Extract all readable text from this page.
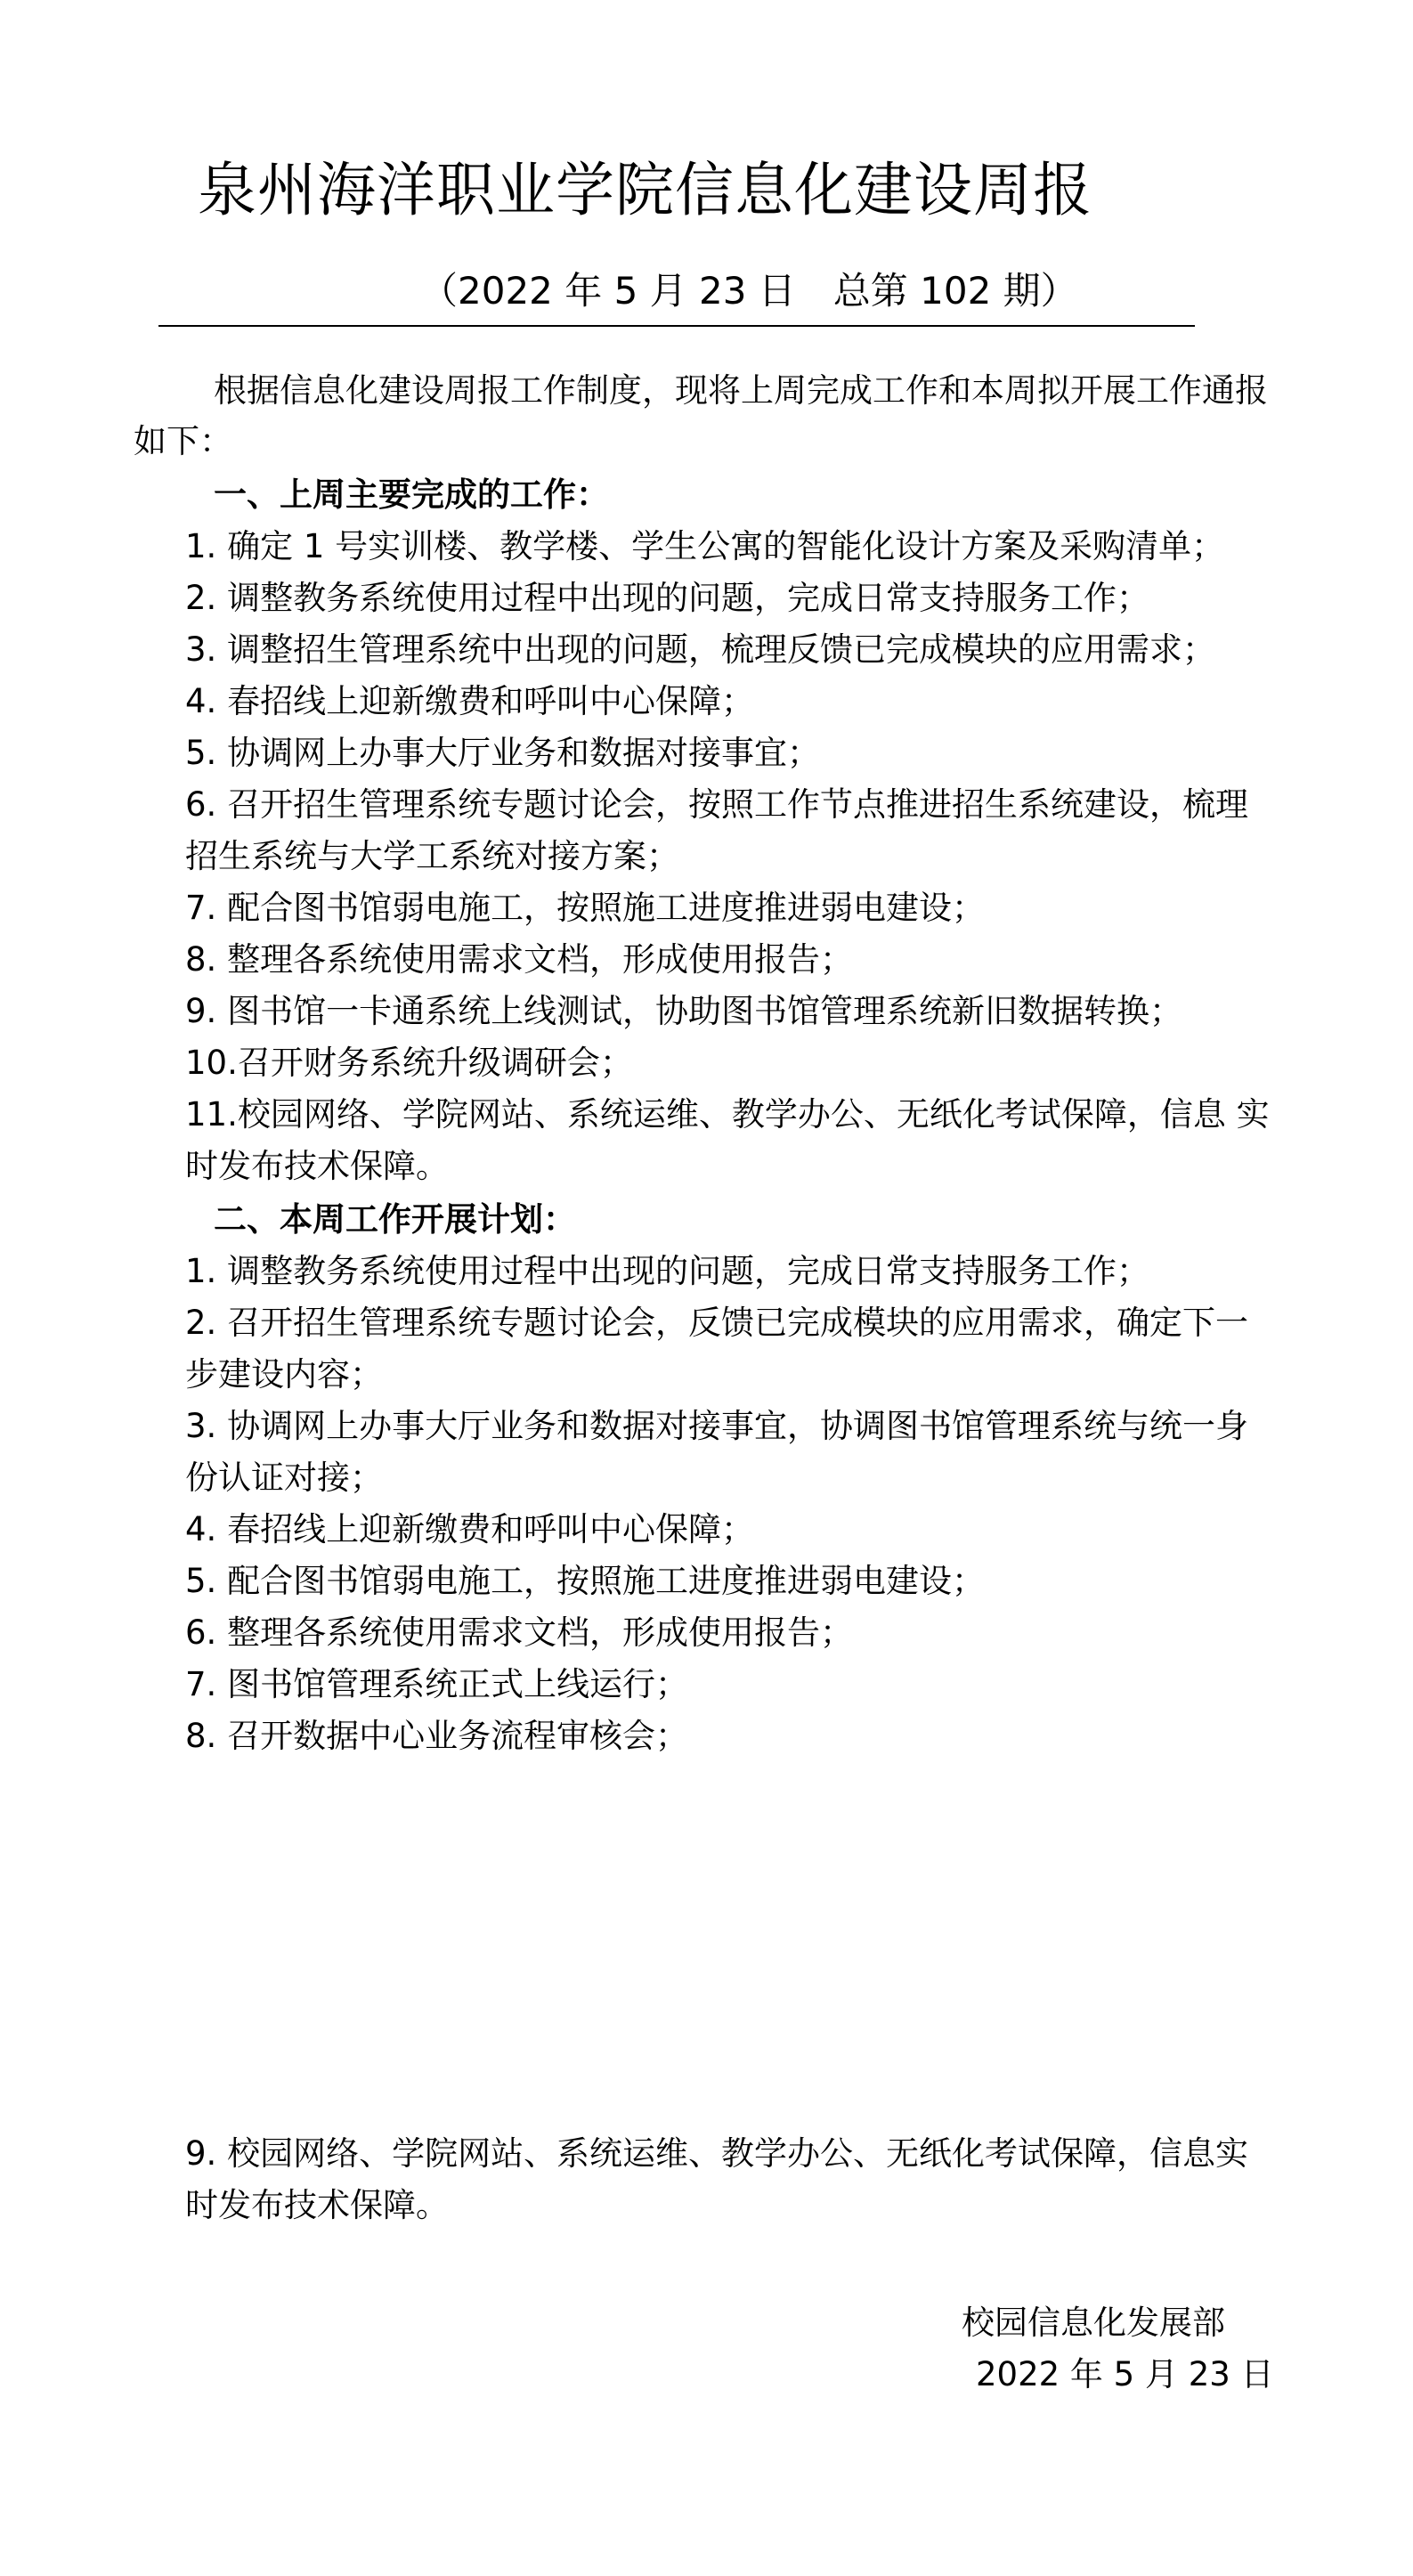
泉州海洋职业学院信息化建设周报
（2022 年 5 月 23 日　总第 102 期）
根据信息化建设周报工作制度，现将上周完成工作和本周拟开展工作通报
如下：
一、上周主要完成的工作：
1. 确定 1 号实训楼、教学楼、学生公寓的智能化设计方案及采购清单；
2. 调整教务系统使用过程中出现的问题，完成日常支持服务工作；
3. 调整招生管理系统中出现的问题，梳理反馈已完成模块的应用需求；
4. 春招线上迎新缴费和呼叫中心保障；
5. 协调网上办事大厅业务和数据对接事宜；
6. 召开招生管理系统专题讨论会，按照工作节点推进招生系统建设，梳理
招生系统与大学工系统对接方案；
7. 配合图书馆弱电施工，按照施工进度推进弱电建设；
8. 整理各系统使用需求文档，形成使用报告；
9. 图书馆一卡通系统上线测试，协助图书馆管理系统新旧数据转换；
10.召开财务系统升级调研会；
11.校园网络、学院网站、系统运维、教学办公、无纸化考试保障，信息 实
时发布技术保障。
二、本周工作开展计划：
1. 调整教务系统使用过程中出现的问题，完成日常支持服务工作；
2. 召开招生管理系统专题讨论会，反馈已完成模块的应用需求，确定下一
步建设内容；
3. 协调网上办事大厅业务和数据对接事宜，协调图书馆管理系统与统一身
份认证对接；
4. 春招线上迎新缴费和呼叫中心保障；
5. 配合图书馆弱电施工，按照施工进度推进弱电建设；
6. 整理各系统使用需求文档，形成使用报告；
7. 图书馆管理系统正式上线运行；
8. 召开数据中心业务流程审核会；
9. 校园网络、学院网站、系统运维、教学办公、无纸化考试保障，信息实
时发布技术保障。
校园信息化发展部
2022 年 5 月 23 日
